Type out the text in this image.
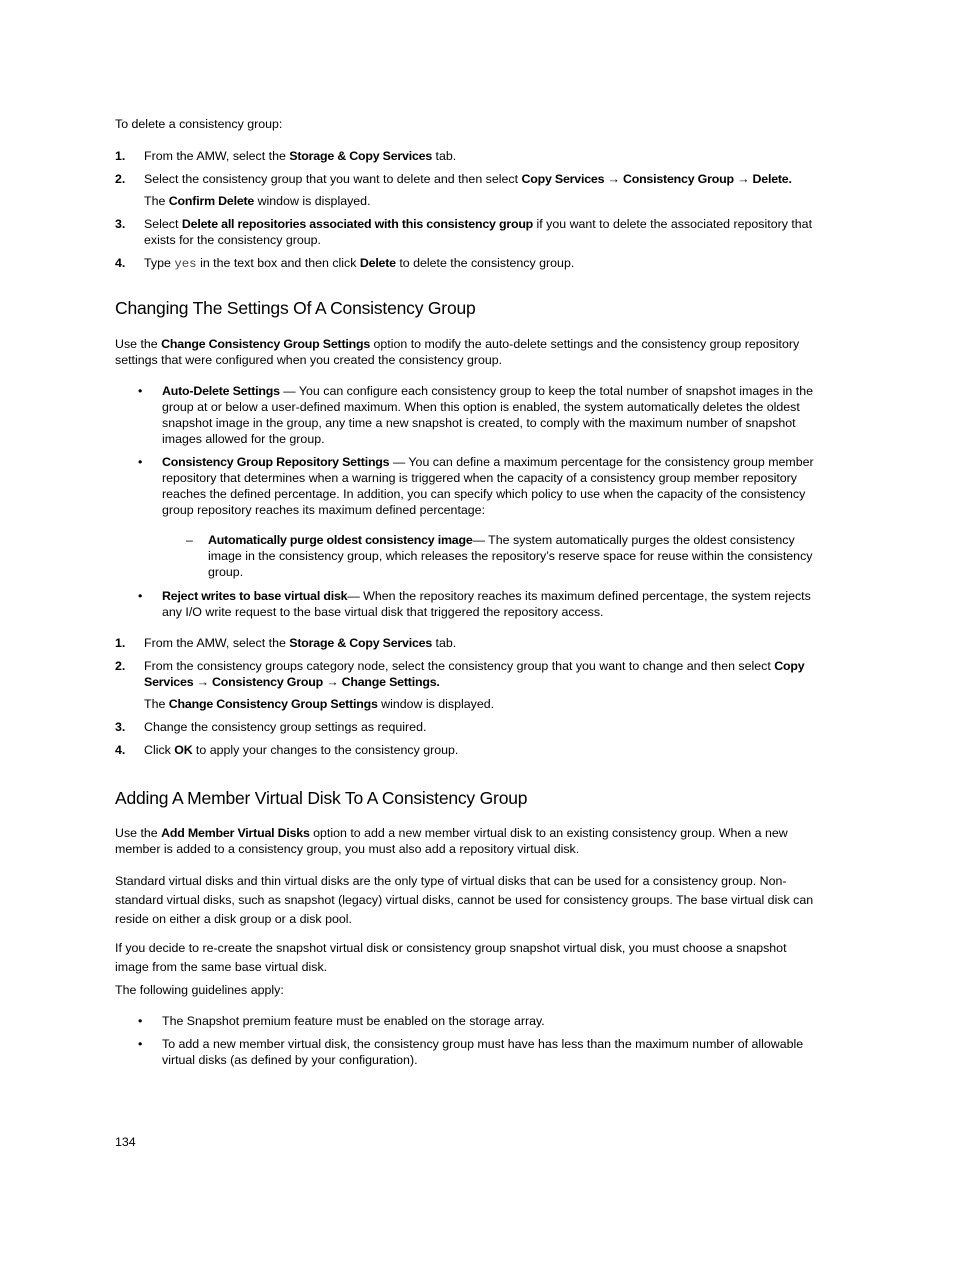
To delete a consistency group:

1. From the AMW, select the Storage & Copy Services tab.
2. Select the consistency group that you want to delete and then select Copy Services → Consistency Group → Delete.

The Confirm Delete window is displayed.

3. Select Delete all repositories associated with this consistency group if you want to delete the associated repository that exists for the consistency group.
4. Type yes in the text box and then click Delete to delete the consistency group.
Changing The Settings Of A Consistency Group

Use the Change Consistency Group Settings option to modify the auto-delete settings and the consistency group repository settings that were configured when you created the consistency group.

• Auto-Delete Settings — You can configure each consistency group to keep the total number of snapshot images in the group at or below a user-defined maximum. When this option is enabled, the system automatically deletes the oldest snapshot image in the group, any time a new snapshot is created, to comply with the maximum number of snapshot images allowed for the group.
• Consistency Group Repository Settings — You can define a maximum percentage for the consistency group member repository that determines when a warning is triggered when the capacity of a consistency group member repository reaches the defined percentage. In addition, you can specify which policy to use when the capacity of the consistency group repository reaches its maximum defined percentage:
– Automatically purge oldest consistency image— The system automatically purges the oldest consistency image in the consistency group, which releases the repository’s reserve space for reuse within the consistency group.
• Reject writes to base virtual disk— When the repository reaches its maximum defined percentage, the system rejects any I/O write request to the base virtual disk that triggered the repository access.
1. From the AMW, select the Storage & Copy Services tab.
2. From the consistency groups category node, select the consistency group that you want to change and then select Copy Services → Consistency Group → Change Settings.

The Change Consistency Group Settings window is displayed.

3. Change the consistency group settings as required.
4. Click OK to apply your changes to the consistency group.
Adding A Member Virtual Disk To A Consistency Group

Use the Add Member Virtual Disks option to add a new member virtual disk to an existing consistency group. When a new member is added to a consistency group, you must also add a repository virtual disk.

Standard virtual disks and thin virtual disks are the only type of virtual disks that can be used for a consistency group. Non-standard virtual disks, such as snapshot (legacy) virtual disks, cannot be used for consistency groups. The base virtual disk can reside on either a disk group or a disk pool.

If you decide to re-create the snapshot virtual disk or consistency group snapshot virtual disk, you must choose a snapshot image from the same base virtual disk.

The following guidelines apply:

• The Snapshot premium feature must be enabled on the storage array.
• To add a new member virtual disk, the consistency group must have has less than the maximum number of allowable virtual disks (as defined by your configuration).
134
